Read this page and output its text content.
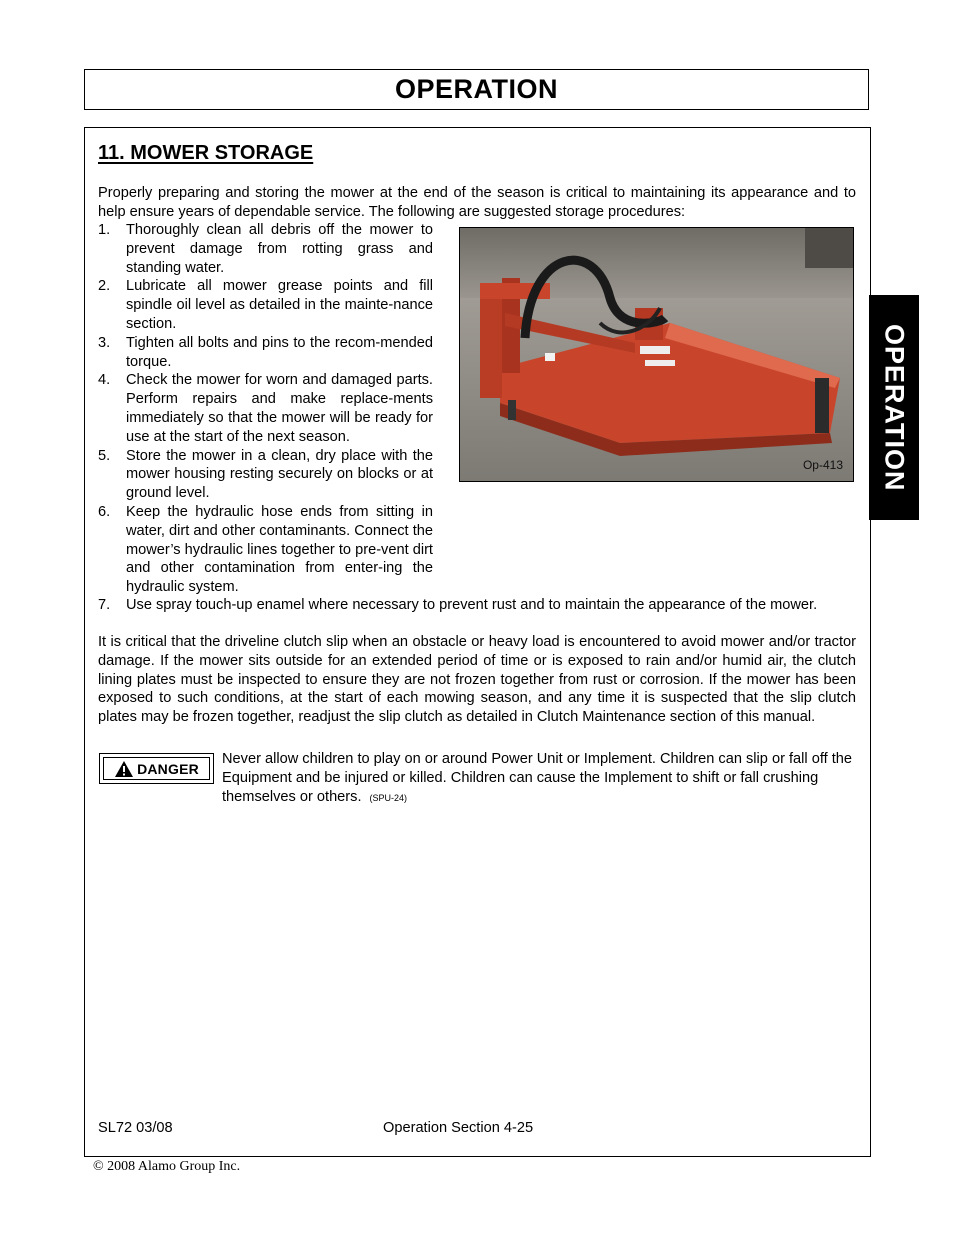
OPERATION
OPERATION
11. MOWER STORAGE

Properly preparing and storing the mower at the end of the season is critical to maintaining its appearance and to help ensure years of dependable service. The following are suggested storage procedures:

1. Thoroughly clean all debris off the mower to prevent damage from rotting grass and standing water.
2. Lubricate all mower grease points and fill spindle oil level as detailed in the mainte-nance section.
3. Tighten all bolts and pins to the recom-mended torque.
4. Check the mower for worn and damaged parts. Perform repairs and make replace-ments immediately so that the mower will be ready for use at the start of the next season.
5. Store the mower in a clean, dry place with the mower housing resting securely on blocks or at ground level.
6. Keep the hydraulic hose ends from sitting in water, dirt and other contaminants. Connect the mower’s hydraulic lines together to pre-vent dirt and other contamination from enter-ing the hydraulic system.
7. Use spray touch-up enamel where necessary to prevent rust and to maintain the appearance of the mower.
Op-413

It is critical that the driveline clutch slip when an obstacle or heavy load is encountered to avoid mower and/or tractor damage. If the mower sits outside for an extended period of time or is exposed to rain and/or humid air, the clutch lining plates must be inspected to ensure they are not frozen together from rust or corrosion. If the mower has been exposed to such conditions, at the start of each mowing season, and any time it is suspected that the slip clutch plates may be frozen together, readjust the slip clutch as detailed in Clutch Maintenance section of this manual.

DANGER

Never allow children to play on or around Power Unit or Implement. Children can slip or fall off the Equipment and be injured or killed. Children can cause the Implement to shift or fall crushing themselves or others. (SPU-24)

SL72 03/08	Operation Section 4-25
© 2008 Alamo Group Inc.
